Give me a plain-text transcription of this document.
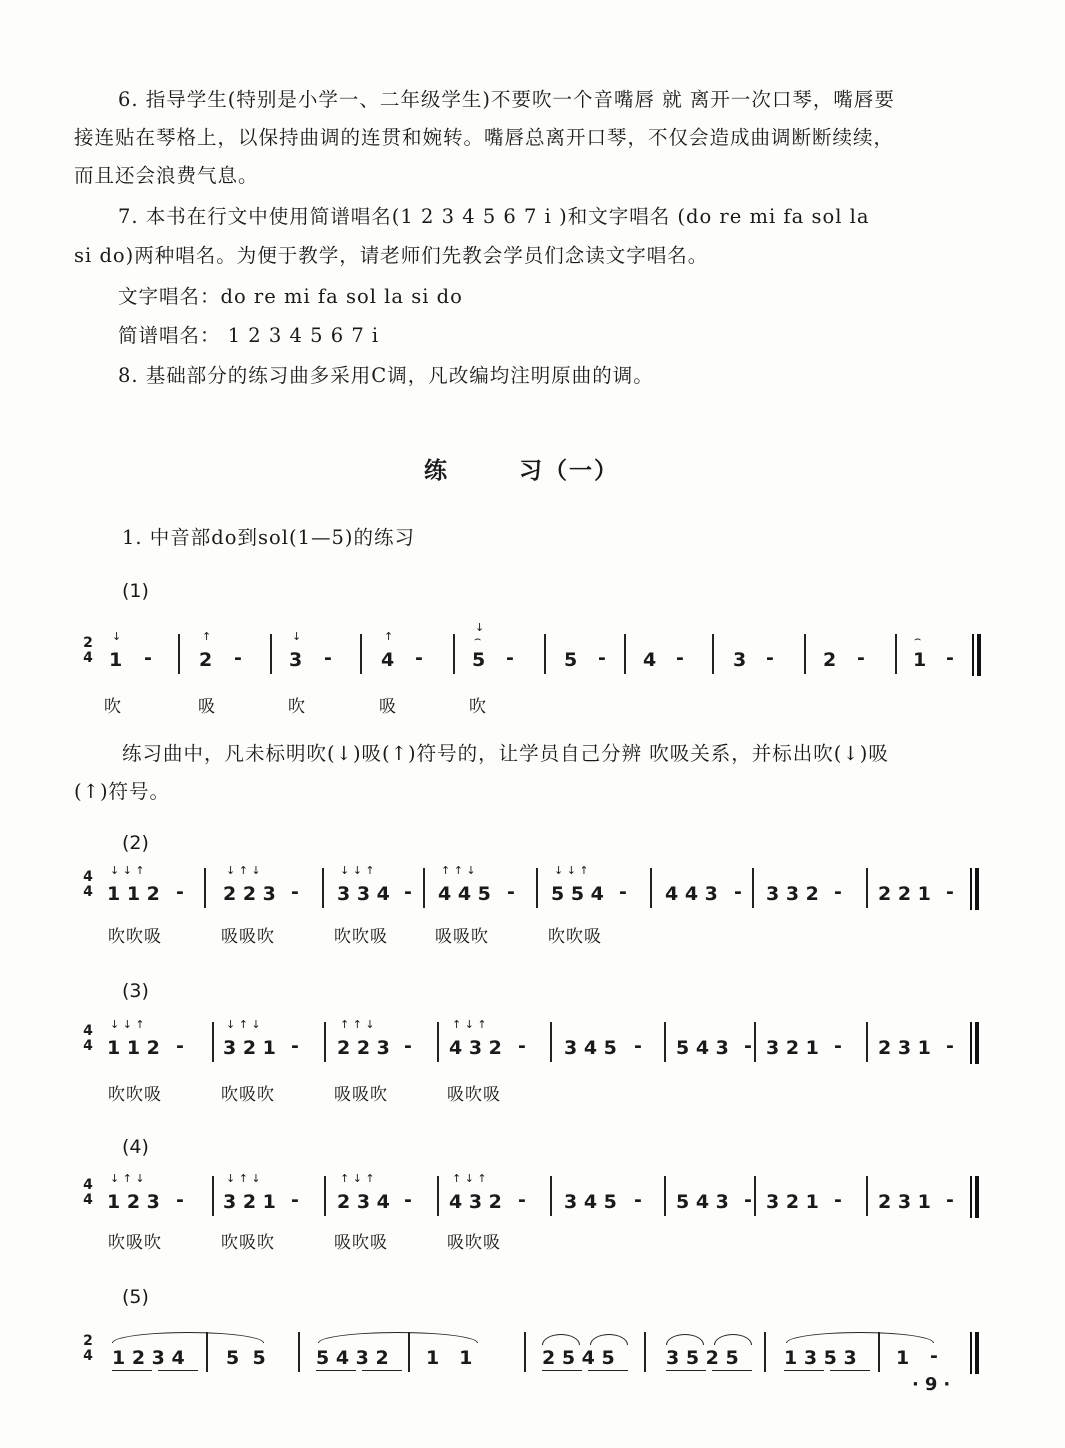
6. 指导学生(特别是小学一、二年级学生)不要吹一个音嘴唇 就 离开一次口琴，嘴唇要
接连贴在琴格上，以保持曲调的连贯和婉转。嘴唇总离开口琴，不仅会造成曲调断断续续，
而且还会浪费气息。
7. 本书在行文中使用简谱唱名(1 2 3 4 5 6 7 i )和文字唱名 (do re mi fa sol la
si do)两种唱名。为便于教学，请老师们先教会学员们念读文字唱名。
文字唱名：do re mi fa sol la si do
简谱唱名： 1 2 3 4 5 6 7 i
8. 基础部分的练习曲多采用C调，凡改编均注明原曲的调。
练	习（一）
1. 中音部do到sol(1—5)的练习
(1)
2
4
↓
1 -
↑
2 -
↓
3 -
↑
4 -
↓
⌢
5 -	5 - 4 -	3 -	2 -
⌢
1 -
吹	吸	吹	吸	吹
练习曲中，凡未标明吹(↓)吸(↑)符号的，让学员自己分辨 吹吸关系，并标出吹(↓)吸
(↑)符号。
(2)
4
4
↓ ↓ ↑
1 1 2 -
↓ ↑ ↓
2 2 3 -
↓ ↓ ↑
3 3 4 -
↑ ↑ ↓
4 4 5 -
↓ ↓ ↑
5 5 4 - 4 4 3 - 3 3 2 - 2 2 1 -
吹吹吸	吸吸吹	吹吹吸	吸吸吹	吹吹吸
(3)
4
4
↓ ↓ ↑
1 1 2 -
↓ ↑ ↓
3 2 1 -
↑ ↑ ↓
2 2 3 -
↑ ↓ ↑
4 3 2 - 3 4 5 - 5 4 3 - 3 2 1 - 2 3 1 -
吹吹吸	吹吸吹	吸吸吹	吸吹吸
(4)
4
4
↓ ↑ ↓
1 2 3 -
↓ ↑ ↓
3 2 1 -
↑ ↓ ↑
2 3 4 -
↑ ↓ ↑
4 3 2 - 3 4 5 - 5 4 3 - 3 2 1 - 2 3 1 -
吹吸吹	吹吸吹	吸吹吸	吸吹吸
(5)
2
4 1 2 3 4 5  5	5 4 3 2 1   1	2 5 4 5	3 5 2 5 1 3 5 3 1 -
·9·
